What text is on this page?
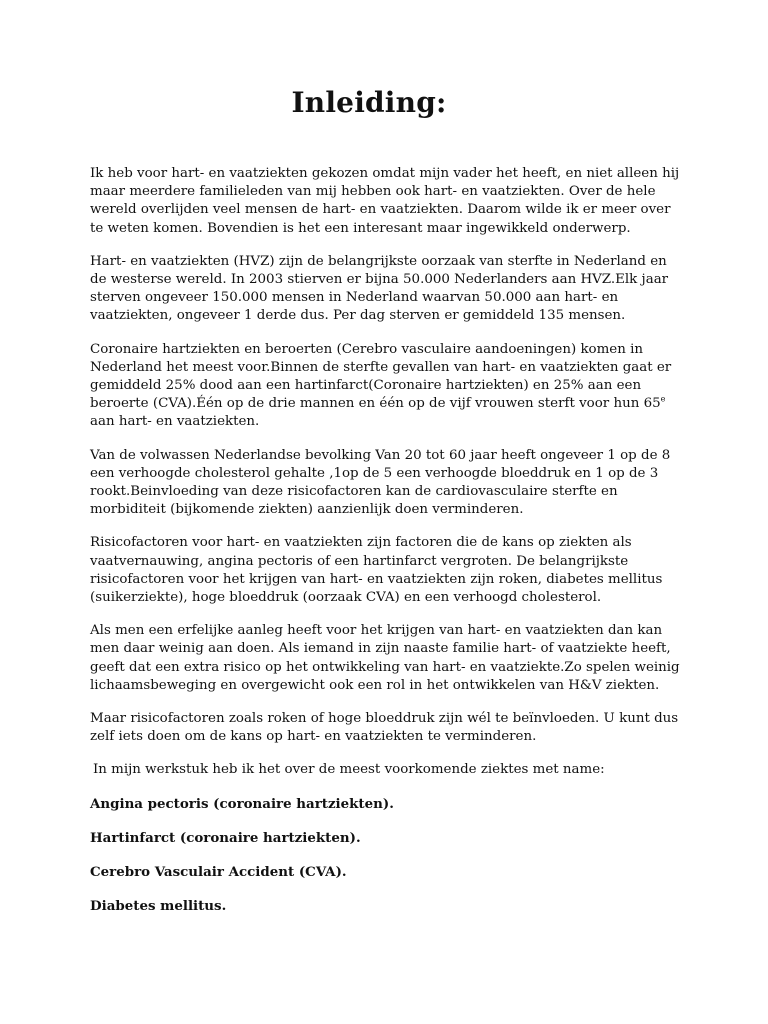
Inleiding:

Ik heb voor hart- en vaatziekten gekozen omdat mijn vader het heeft, en niet alleen hij maar meerdere familieleden van mij hebben ook hart- en vaatziekten. Over de hele wereld overlijden veel mensen de hart- en vaatziekten. Daarom wilde ik er meer over te weten komen. Bovendien is het een interesant maar ingewikkeld onderwerp.

Hart- en vaatziekten (HVZ) zijn de belangrijkste oorzaak van sterfte in Nederland en de westerse wereld. In 2003 stierven er bijna 50.000 Nederlanders aan HVZ.Elk jaar sterven ongeveer 150.000 mensen in Nederland waarvan 50.000 aan hart- en vaatziekten, ongeveer 1 derde dus. Per dag sterven er gemiddeld 135 mensen.

Coronaire hartziekten en beroerten (Cerebro vasculaire aandoeningen) komen in Nederland het meest voor.Binnen de sterfte gevallen van hart- en vaatziekten gaat er gemiddeld 25% dood aan een hartinfarct(Coronaire hartziekten) en 25% aan een beroerte (CVA).Één op de drie mannen en één op de vijf vrouwen sterft voor hun 65e aan hart- en vaatziekten.

Van de volwassen Nederlandse bevolking Van 20 tot 60 jaar heeft ongeveer 1 op de 8 een verhoogde cholesterol gehalte ,1op de 5 een verhoogde bloeddruk en 1 op de 3 rookt.Beinvloeding van deze risicofactoren kan de cardiovasculaire sterfte en morbiditeit (bijkomende ziekten) aanzienlijk doen verminderen.

Risicofactoren voor hart- en vaatziekten zijn factoren die de kans op ziekten als vaatvernauwing, angina pectoris of een hartinfarct vergroten. De belangrijkste risicofactoren voor het krijgen van hart- en vaatziekten zijn roken, diabetes mellitus (suikerziekte), hoge bloeddruk (oorzaak CVA) en een verhoogd cholesterol.

Als men een erfelijke aanleg heeft voor het krijgen van hart- en vaatziekten dan kan men daar weinig aan doen. Als iemand in zijn naaste familie hart- of vaatziekte heeft, geeft dat een extra risico op het ontwikkeling van hart- en vaatziekte.Zo spelen weinig lichaamsbeweging en overgewicht ook een rol in het ontwikkelen van H&V ziekten.

Maar risicofactoren zoals roken of hoge bloeddruk zijn wél te beïnvloeden. U kunt dus zelf iets doen om de kans op hart- en vaatziekten te verminderen.

In mijn werkstuk heb ik het over de meest voorkomende ziektes met name:

Angina pectoris (coronaire hartziekten).

Hartinfarct (coronaire hartziekten).

Cerebro Vasculair Accident (CVA).

Diabetes mellitus.
